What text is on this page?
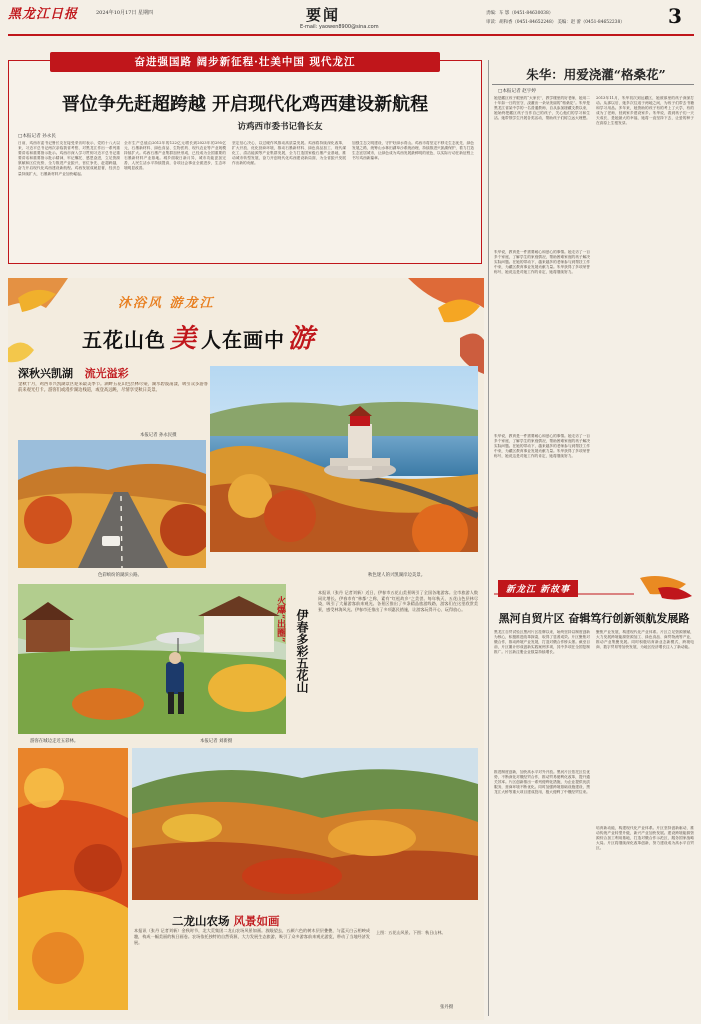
黑龙江日报	2024年10月17日 星期四	要闻
E-mail: yaowen8900@sina.com
责编：车 影（0451-84630038）
审读：胡和香（0451-84652248） 美编：赵 蕾（0451-84652238） 3
奋进强国路 阔步新征程·壮美中国 现代龙江
晋位争先赶超跨越 开启现代化鸡西建设新航程
访鸡西市委书记鲁长友
□本报记者 孙永民
日前，鸡西市委书记鲁长友在接受采访时表示，党的十八大以来，习近平总书记两次亲临我省考察，对黑龙江作出一系列重要讲话和重要指示批示。鸡西市深入学习贯彻习近平总书记重要讲话和重要指示批示精神，牢记嘱托、感恩奋进，立足资源禀赋和区位优势，全力推进产业振兴，晋位争先、赶超跨越，奋力开启现代化鸡西建设新航程。鸡西发展成就显著，经济总量持续扩大，石墨新材料产业加快崛起。
全市生产总值由2012年的122亿元增长到2023年的295亿元，石墨新材料、绿色食品、生物医药、现代农业等产业规模持续扩大。鸡西石墨产业集群加快形成，已经成为全国重要的石墨新材料产业基地。城乡面貌日新月异，城市功能更加完善，人民生活水平持续提高，各项社会事业全面进步，生态环境明显改善。
坚定信心决心，以过硬作风推动高质量发展。鸡西将持续深化改革，扩大开放，优化营商环境，推动石墨新材料、绿色食品加工、现代煤化工、清洁能源等产业集群发展，全力打造国家级石墨产业基地，推动城市转型发展，奋力开创现代化鸡西建设新局面，为全省振兴发展作出新的贡献。
加强生态文明建设，守护好绿水青山。鸡西市将坚定不移走生态优先、绿色发展之路，统筹山水林田湖草沙系统治理，持续推进兴凯湖保护，着力打造生态宜居城市，让绿色成为鸡西发展最鲜明的底色，以实际行动在新征程上书写鸡西新篇章。
朱华：用爱浇灌“格桑花”
□本报记者 赵宇婷
她是藏区孩子眼里的“大家长”，教学楼里的好老师，她用二十年如一日的坚守，浇灌出一朵朵美丽的“格桑花”。朱华是黑龙江省某中学的一名普通教师，自从参加援藏支教以来，她始终把藏区孩子当作自己的孩子，关心他们的学习和生活。她带领学生开展各类活动，帮助孩子们树立远大理想。
朱华说，教育是一件需要耐心和爱心的事情。她走访了一百多个家庭，了解学生的家庭情况，帮助困难家庭的孩子解决实际问题。在她的带动下，越来越多的老师参与到帮扶工作中来，为藏区教育事业发展贡献力量。朱华获得了多项荣誉称号，她说这是对她工作的肯定，她将继续努力。
2013年11月，朱华初次到达藏区，她被那里的孩子深深打动。从那以后，她多次往返于两地之间，为孩子们带去书籍和学习用品。多年来，她资助的孩子有的考上了大学，有的成为了老师，回到家乡建设家乡。朱华说，看到孩子们一天天成长，是她最大的幸福，她将一直坚持下去，让爱的种子在高原上生根发芽。
朱华说，教育是一件需要耐心和爱心的事情。她走访了一百多个家庭，了解学生的家庭情况，帮助困难家庭的孩子解决实际问题。在她的带动下，越来越多的老师参与到帮扶工作中来，为藏区教育事业发展贡献力量。朱华获得了多项荣誉称号，她说这是对她工作的肯定，她将继续努力。
沐浴风 游龙江
五花山色 美 人在画中 游
深秋兴凯湖 流光溢彩
金秋十月，鸡西市兴凯湖景区迎来最美季节。湖畔五花山色层林尽染，湖水碧波荡漾，吸引众多游客前来观光打卡。游客们或漫步湖边栈道，或登高远眺，尽情享受秋日美景。
本报记者 孙永民摄
色彩缤纷的湖滨公路。	秋色迷人的兴凯湖岸边美景。
伊春多彩五花山
火爆“出圈”
本报讯（张丹 记者刘新）近日，伊春市五花山美景吸引了全国各地游客。全市旅游人数同比增长。伊春市有“林都”之称，素有“红松故乡”之美誉。每年秋天，五花山色层林尽染，吸引了大量游客前来观光。各景区推出了多条精品旅游线路，游客们在这里欣赏美景，感受林海风光。伊春市还推出了多项惠民措施，让游客玩得开心、玩得放心。
游客在城边走近五彩林。	本报记者 刘新摄
二龙山农场 风景如画
本报讯（张丹 记者刘新）金秋时节，北大荒集团二龙山农场风景如画。放眼望去，五颜六色的树木层层叠叠，与蓝天白云相映成趣，构成一幅美丽的秋日画卷。农场依托独特的自然资源，大力发展生态旅游，吸引了众多游客前来观光游览，带动了当地经济发展。
上图：五花山风景。下图：秋日山林。
张丹摄
新龙江 新故事
黑河自贸片区 奋辑笃行创新领航发展路
黑龙江自贸试验区黑河片区挂牌以来，始终坚持以制度创新为核心，积极推进改革探索，取得了显著成效。片区聚焦对俄合作，推动跨境产业发展，打造对俄合作桥头堡。截至目前，片区累计形成创新实践案例多项，其中多项在全国复制推广。片区新注册企业数量持续增长。
推进制度创新，加快高水平对外开放。黑河片区依托区位优势，不断深化对俄经贸合作，推动贸易便利化改革，提升通关效率。片区创新推出一系列便利化措施，为企业提供优质服务，营商环境不断优化。同时加强跨境基础设施建设，黑龙江大桥等重大项目建成投用，极大便利了中俄经贸往来。
聚焦产业发展，构建现代化产业体系。片区立足资源禀赋，大力发展跨境能源资源加工、绿色食品、商贸物流等产业，推动产业集聚发展。同时积极培育新业态新模式，跨境电商、数字贸易等加快发展，为地区经济增长注入了新动能。
培育新动能，构建现代化产业体系。片区坚持创新驱动，推动传统产业转型升级，新兴产业加快发展。建设跨境能源资源综合加工利用基地，打造对俄合作示范区，服务国家战略大局。片区将继续深化改革创新，努力建设成为高水平自贸区。
